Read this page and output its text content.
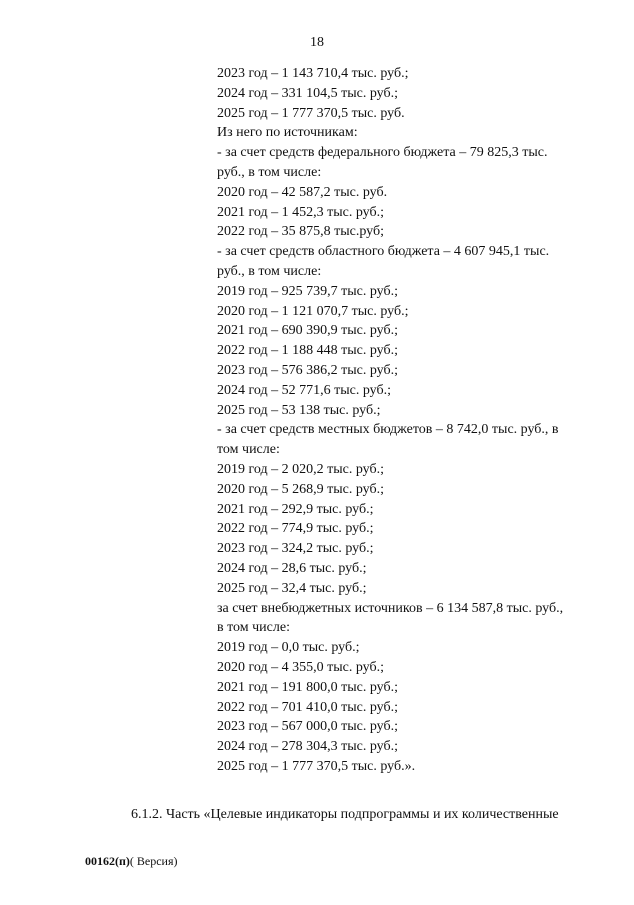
18
2023 год – 1 143 710,4 тыс. руб.;
2024 год – 331 104,5 тыс. руб.;
2025 год – 1 777 370,5 тыс. руб.
Из него по источникам:
- за счет средств федерального бюджета – 79 825,3 тыс.
руб., в том числе:
2020 год – 42 587,2 тыс. руб.
2021 год – 1 452,3 тыс. руб.;
2022 год – 35 875,8 тыс.руб;
- за счет средств областного бюджета – 4 607 945,1 тыс.
руб., в том числе:
2019 год – 925 739,7 тыс. руб.;
2020 год – 1 121 070,7 тыс. руб.;
2021 год – 690 390,9 тыс. руб.;
2022 год – 1 188 448 тыс. руб.;
2023 год – 576 386,2 тыс. руб.;
2024 год – 52 771,6 тыс. руб.;
2025 год – 53 138 тыс. руб.;
- за счет средств местных бюджетов – 8 742,0 тыс. руб., в
том числе:
2019 год – 2 020,2 тыс. руб.;
2020 год – 5 268,9 тыс. руб.;
2021 год – 292,9 тыс. руб.;
2022 год – 774,9 тыс. руб.;
2023 год – 324,2 тыс. руб.;
2024 год – 28,6 тыс. руб.;
2025 год – 32,4 тыс. руб.;
за счет внебюджетных источников – 6 134 587,8 тыс. руб.,
в том числе:
2019 год – 0,0 тыс. руб.;
2020 год – 4 355,0 тыс. руб.;
2021 год – 191 800,0 тыс. руб.;
2022 год – 701 410,0 тыс. руб.;
2023 год – 567 000,0 тыс. руб.;
2024 год – 278 304,3 тыс. руб.;
2025 год – 1 777 370,5 тыс. руб.».
6.1.2. Часть «Целевые индикаторы подпрограммы и их количественные
00162(п)( Версия)
